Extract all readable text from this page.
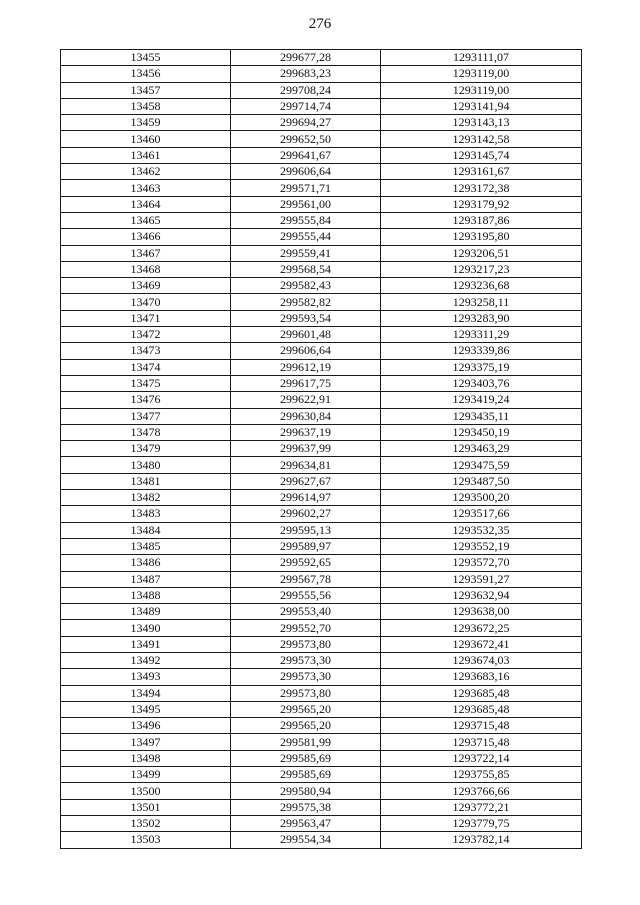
276
13455	299677,28	1293111,07
13456	299683,23	1293119,00
13457	299708,24	1293119,00
13458	299714,74	1293141,94
13459	299694,27	1293143,13
13460	299652,50	1293142,58
13461	299641,67	1293145,74
13462	299606,64	1293161,67
13463	299571,71	1293172,38
13464	299561,00	1293179,92
13465	299555,84	1293187,86
13466	299555,44	1293195,80
13467	299559,41	1293206,51
13468	299568,54	1293217,23
13469	299582,43	1293236,68
13470	299582,82	1293258,11
13471	299593,54	1293283,90
13472	299601,48	1293311,29
13473	299606,64	1293339,86
13474	299612,19	1293375,19
13475	299617,75	1293403,76
13476	299622,91	1293419,24
13477	299630,84	1293435,11
13478	299637,19	1293450,19
13479	299637,99	1293463,29
13480	299634,81	1293475,59
13481	299627,67	1293487,50
13482	299614,97	1293500,20
13483	299602,27	1293517,66
13484	299595,13	1293532,35
13485	299589,97	1293552,19
13486	299592,65	1293572,70
13487	299567,78	1293591,27
13488	299555,56	1293632,94
13489	299553,40	1293638,00
13490	299552,70	1293672,25
13491	299573,80	1293672,41
13492	299573,30	1293674,03
13493	299573,30	1293683,16
13494	299573,80	1293685,48
13495	299565,20	1293685,48
13496	299565,20	1293715,48
13497	299581,99	1293715,48
13498	299585,69	1293722,14
13499	299585,69	1293755,85
13500	299580,94	1293766,66
13501	299575,38	1293772,21
13502	299563,47	1293779,75
13503	299554,34	1293782,14
